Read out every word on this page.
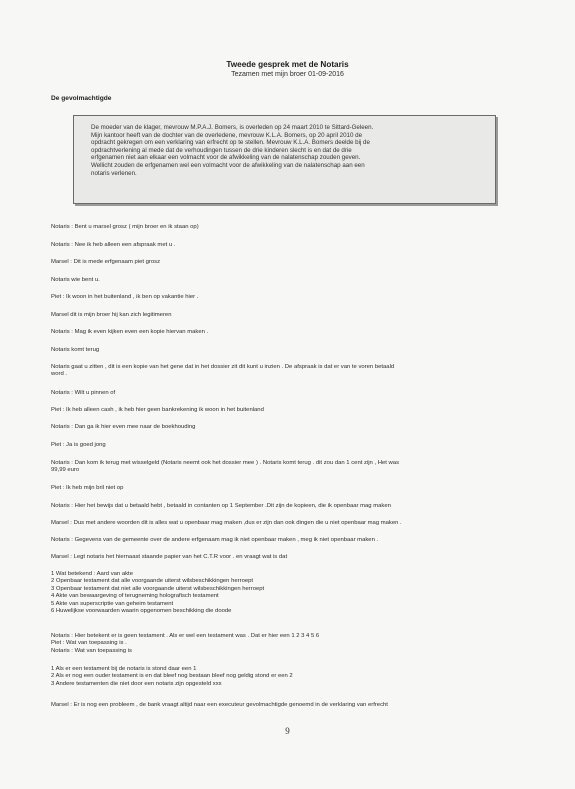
Tweede gesprek met de Notaris
Tezamen met mijn broer 01-09-2016
De gevolmachtigde

De moeder van de klager, mevrouw M.P.A.J. Bomers, is overleden op 24 maart 2010 te Sittard-Geleen.
Mijn kantoor heeft van de dochter van de overledene, mevrouw K.L.A. Bomers, op 20 april 2010 de
opdracht gekregen om een verklaring van erfrecht op te stellen. Mevrouw K.L.A. Bomers deelde bij de
opdrachtverlening al mede dat de verhoudingen tussen de drie kinderen slecht is en dat de drie
erfgenamen niet aan elkaar een volmacht voor de afwikkeling van de nalatenschap zouden geven.
Wellicht zouden de erfgenamen wel een volmacht voor de afwikkeling van de nalatenschap aan een
notaris verlenen.

Notaris : Bent u marsel grosz ( mijn broer en ik staan op)
Notaris : Nee ik heb alleen een afspraak met u .
Marsel : Dit is mede erfgenaam piet grosz
Notaris wie bent u.
Piet : Ik woon in het buitenland , ik ben op vakantie hier .
Marsel dit is mijn broer hij kan zich legitimeren
Notaris : Mag ik even kijken even een kopie hiervan maken .
Notaris komt terug
Notaris gaat u zitten , dit is een kopie van het gene dat in het dossier zit dit kunt u inzien . De afspraak is dat er van te voren betaald
word .
Notaris : Wilt u pinnen of
Piet : Ik heb alleen cash , ik heb hier geen bankrekening ik woon in het buitenland
Notaris : Dan ga ik hier even mee naar de boekhouding
Piet : Ja is goed jong
Notaris : Dan kom ik terug met wisselgeld (Notaris neemt ook het dossier mee ) . Notaris komt terug . dit zou dan 1 cent zijn , Het was
99,99 euro
Piet : Ik heb mijn bril niet op
Notaris : Hier het bewijs dat u betaald hebt , betaald in contanten op 1 September .Dit zijn de kopieen, die ik openbaar mag maken
Marsel : Dus met andere woorden dit is alles wat u openbaar mag maken ,dus er zijn dan ook dingen die u niet openbaar mag maken .
Notaris : Gegevens van de gemeente over de andere erfgenaam mag ik niet openbaar maken , meg ik niet openbaar maken .
Marsel : Legt notaris het hiernaast staande papier van het C.T.R voor . en vraagt wat is dat
1 Wat betekend : Aard van akte
2 Openbaar testament dat alle voorgaande uiterst wilsbeschikkingen herroept
3 Openbaar testament dat niet alle voorgaande uiterst wilsbeschikkingen herroept
4 Akte van bewaargeving of terugneming holografisch testament
5 Akte van superscriptie van geheim testament
6 Huwelijkse voorwaarden waarin opgenomen beschikking die doode
Notaris : Hier betekent er is geen testament . Als er wel een testament was . Dat er hier een 1 2 3 4 5 6
Piet : Wat van toepassing is .
Notaris : Wat van toepassing is
1 Als er een testament bij de notaris is stond daar een 1
2 Als er nog een ouder testament is en dat bleef nog bestaan bleef nog geldig stond er een 2
3 Andere testamenten die niet door een notaris zijn opgesteld xxx
Marsel : Er is nog een probleem , de bank vraagt altijd naar een executeur gevolmachtigde genoemd in de verklaring van erfrecht
9
